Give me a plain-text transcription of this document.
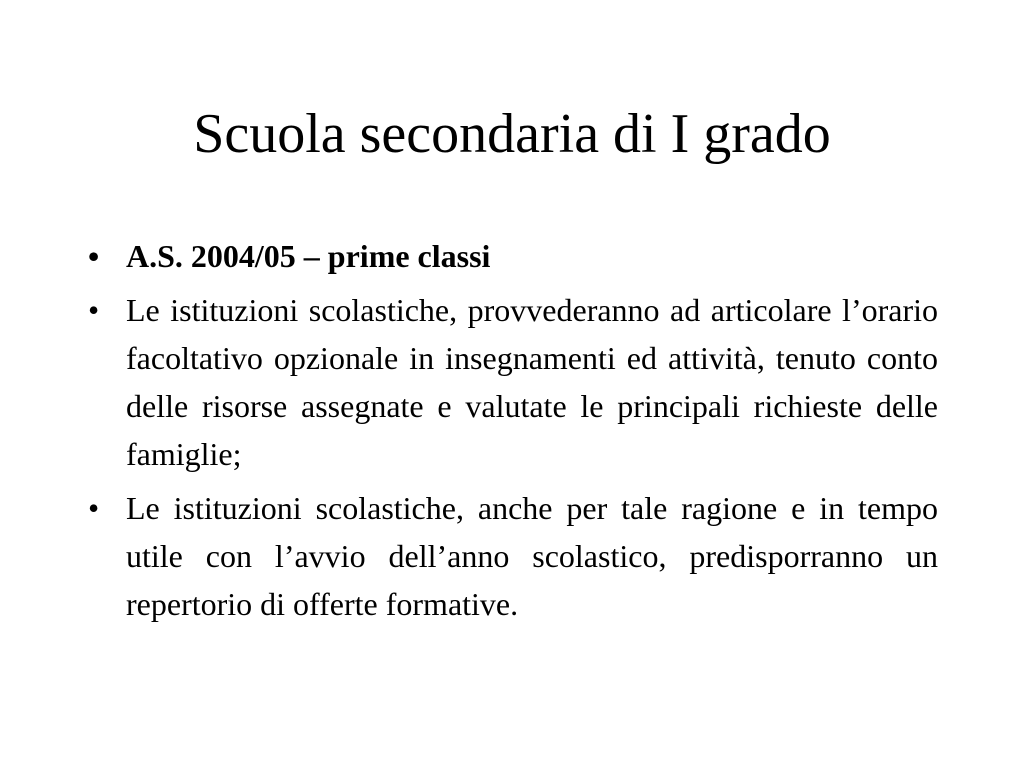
Scuola secondaria di I grado
• A.S. 2004/05 – prime classi
• Le istituzioni scolastiche, provvederanno ad articolare l’orario facoltativo opzionale in insegnamenti ed attività, tenuto conto delle risorse assegnate e valutate le principali richieste delle famiglie;
• Le istituzioni scolastiche, anche per tale ragione e in tempo utile con l’avvio dell’anno scolastico, predisporranno un repertorio di offerte formative.
